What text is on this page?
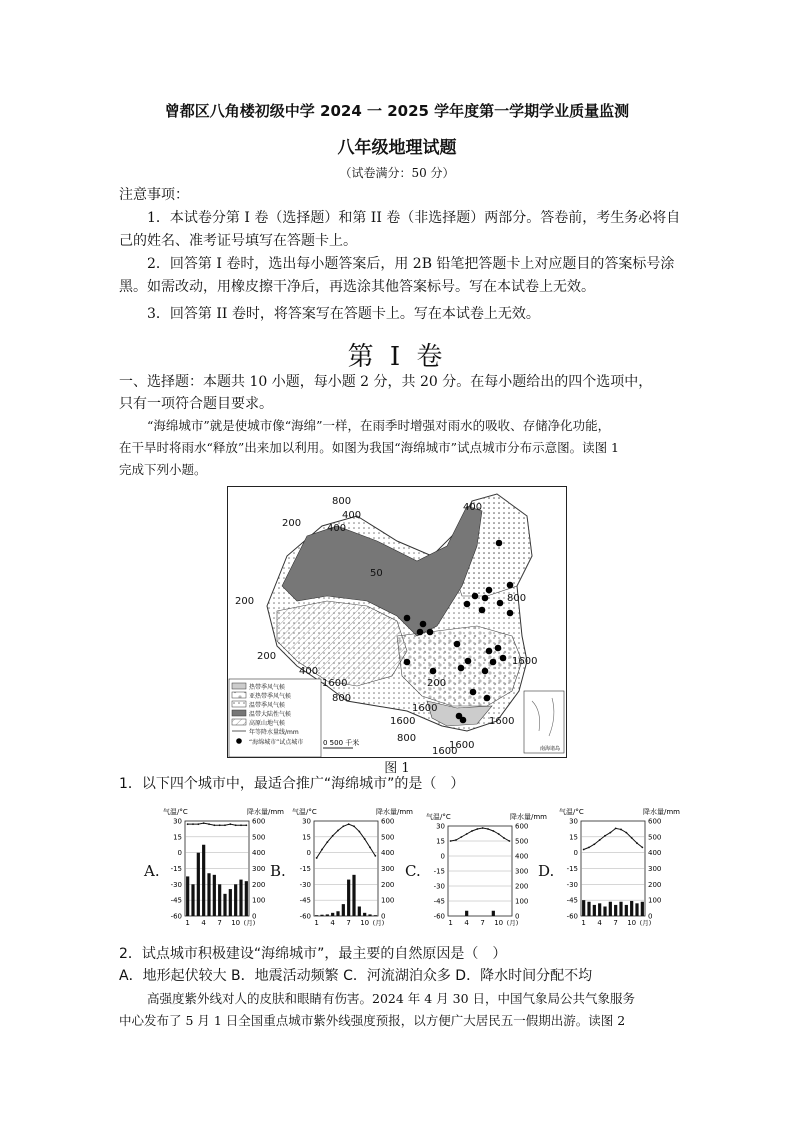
曾都区八角楼初级中学 2024 一 2025 学年度第一学期学业质量监测
八年级地理试题
（试卷满分：50 分）
注意事项：
1．本试卷分第 I 卷（选择题）和第 II 卷（非选择题）两部分。答卷前，考生务必将自
己的姓名、准考证号填写在答题卡上。
2．回答第 I 卷时，选出每小题答案后，用 2B 铅笔把答题卡上对应题目的答案标号涂
黑。如需改动，用橡皮擦干净后，再选涂其他答案标号。写在本试卷上无效。
3．回答第 II 卷时，将答案写在答题卡上。写在本试卷上无效。
第 I 卷
一、选择题：本题共 10 小题，每小题 2 分，共 20 分。在每小题给出的四个选项中，
只有一项符合题目要求。
“海绵城市”就是使城市像“海绵”一样，在雨季时增强对雨水的吸收、存储净化功能，
在干旱时将雨水“释放”出来加以利用。如图为我国“海绵城市”试点城市分布示意图。读图 1
完成下列小题。
800
400
400
200
50
400
200
200
800
400
1600
1600
800
200
1600	1600
800
1600
1600
1600
热带季风气候
亚热带季风气候
温带季风气候
温带大陆性气候
高原山地气候
年等降水量线/mm
“海绵城市”试点城市	0 500 千米
南海诸岛
图 1
1．以下四个城市中，最适合推广“海绵城市”的是（　）
A.	B.	C.	D.
气温/°C	降水量/mm
30	600
15	500
0	400
-15	300
-30	200
-45	100
-60	0
1 4 7 10 (月)
气温/°C	降水量/mm
30	600
15	500
0	400
-15	300
-30	200
-45	100
-60	0
1 4 7 10 (月)
气温/°C	降水量/mm
30	600
15	500
0	400
-15	300
-30	200
-45	100
-60	0
1 4 7 10 (月)
气温/°C	降水量/mm
30	600
15	500
0	400
-15	300
-30	200
-45	100
-60	0
1 4 7 10 (月)
2．试点城市积极建设“海绵城市”，最主要的自然原因是（　）
A．地形起伏较大 B．地震活动频繁 C．河流湖泊众多 D．降水时间分配不均
高强度紫外线对人的皮肤和眼睛有伤害。2024 年 4 月 30 日，中国气象局公共气象服务
中心发布了 5 月 1 日全国重点城市紫外线强度预报，以方便广大居民五一假期出游。读图 2
